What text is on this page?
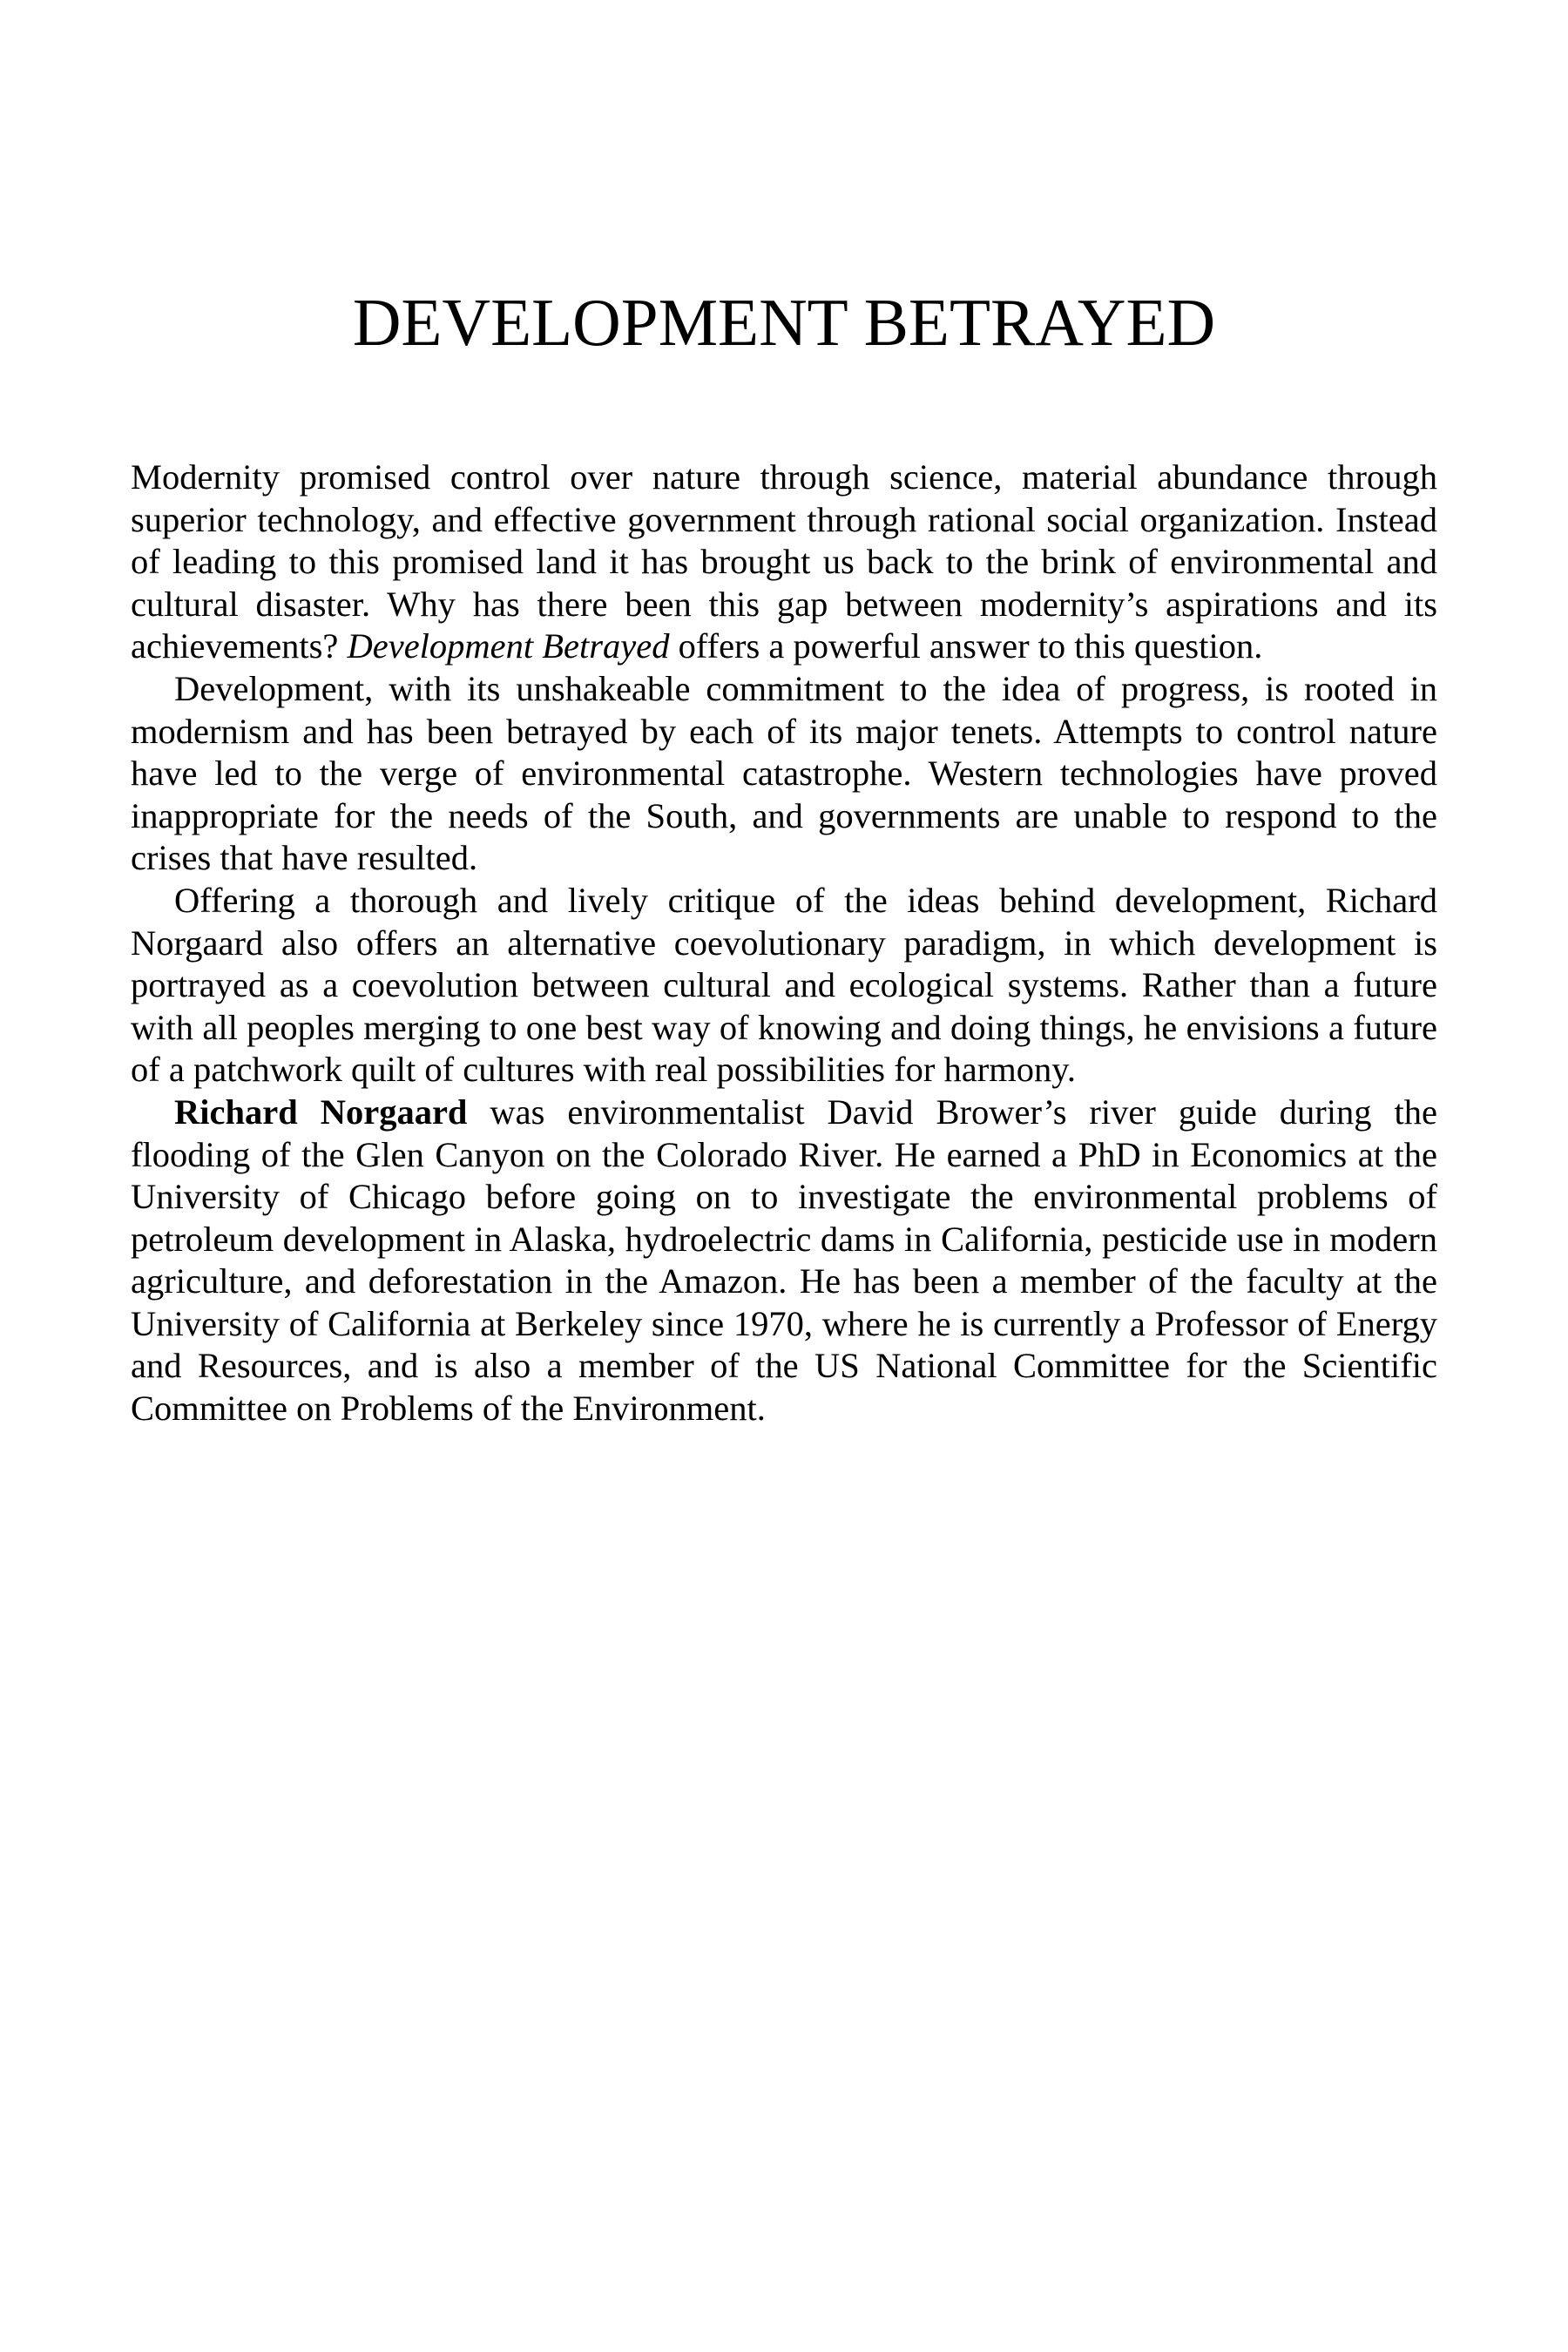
DEVELOPMENT BETRAYED

Modernity promised control over nature through science, material abundance through superior technology, and effective government through rational social organization. Instead of leading to this promised land it has brought us back to the brink of environmental and cultural disaster. Why has there been this gap between modernity’s aspirations and its achievements? Development Betrayed offers a powerful answer to this question.

Development, with its unshakeable commitment to the idea of progress, is rooted in modernism and has been betrayed by each of its major tenets. Attempts to control nature have led to the verge of environmental catastrophe. Western technologies have proved inappropriate for the needs of the South, and governments are unable to respond to the crises that have resulted.

Offering a thorough and lively critique of the ideas behind development, Richard Norgaard also offers an alternative coevolutionary paradigm, in which development is portrayed as a coevolution between cultural and ecological systems. Rather than a future with all peoples merging to one best way of knowing and doing things, he envisions a future of a patchwork quilt of cultures with real possibilities for harmony.

Richard Norgaard was environmentalist David Brower’s river guide during the flooding of the Glen Canyon on the Colorado River. He earned a PhD in Economics at the University of Chicago before going on to investigate the environmental problems of petroleum development in Alaska, hydroelectric dams in California, pesticide use in modern agriculture, and deforestation in the Amazon. He has been a member of the faculty at the University of California at Berkeley since 1970, where he is currently a Professor of Energy and Resources, and is also a member of the US National Committee for the Scientific Committee on Problems of the Environment.
